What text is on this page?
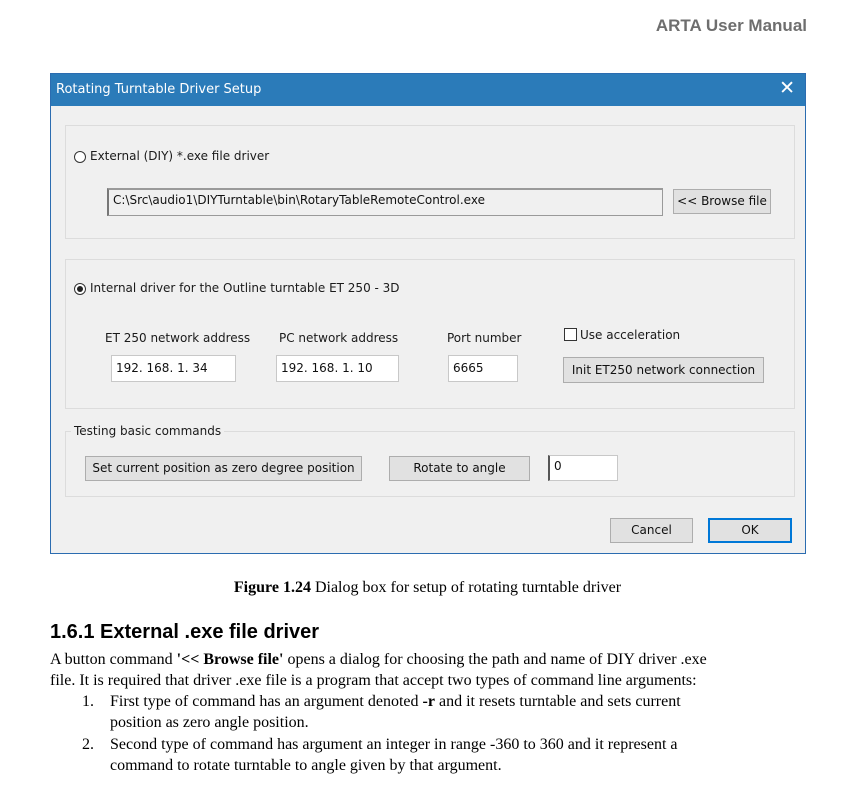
ARTA User Manual
Rotating Turntable Driver Setup	✕
External (DIY) *.exe file driver
C:\Src\audio1\DIYTurntable\bin\RotaryTableRemoteControl.exe	<< Browse file
Internal driver for the Outline turntable ET 250 - 3D
ET 250 network address
192. 168. 1. 34
PC network address
192. 168. 1. 10
Port number
6665
Use acceleration
Init ET250 network connection
Testing basic commands
Set current position as zero degree position	Rotate to angle	0
Cancel	OK
Figure 1.24 Dialog box for setup of rotating turntable driver
1.6.1 External .exe file driver
A button command '<< Browse file' opens a dialog for choosing the path and name of DIY driver .exe
file. It is required that driver .exe file is a program that accept two types of command line arguments:
1. First type of command has an argument denoted -r and it resets turntable and sets current
position as zero angle position.
2. Second type of command has argument an integer in range -360 to 360 and it represent a
command to rotate turntable to angle given by that argument.
